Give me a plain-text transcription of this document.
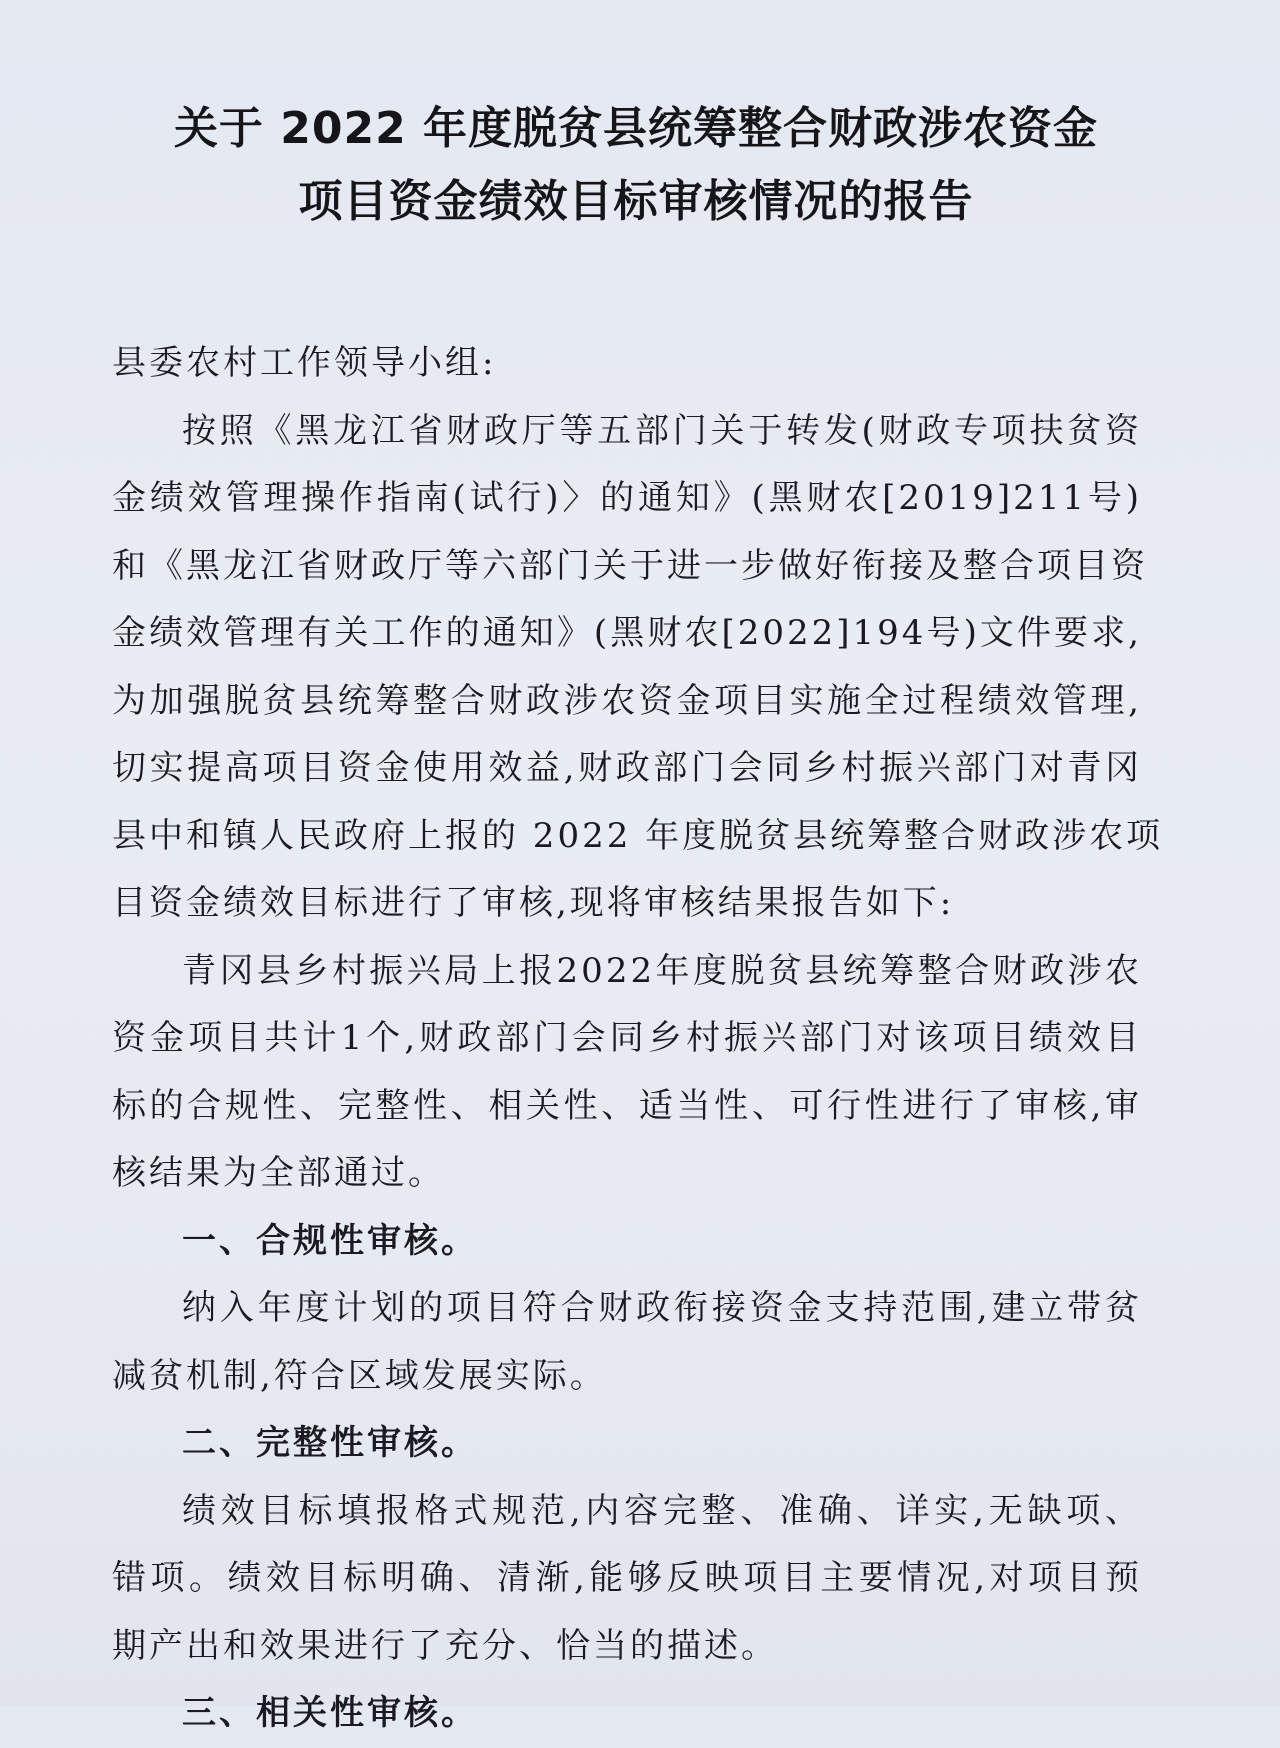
关于 2022 年度脱贫县统筹整合财政涉农资金
项目资金绩效目标审核情况的报告
县委农村工作领导小组:
按照《黑龙江省财政厅等五部门关于转发(财政专项扶贫资
金绩效管理操作指南(试行)〉的通知》(黑财农[2019]211号)
和《黑龙江省财政厅等六部门关于进一步做好衔接及整合项目资
金绩效管理有关工作的通知》(黑财农[2022]194号)文件要求,
为加强脱贫县统筹整合财政涉农资金项目实施全过程绩效管理,
切实提高项目资金使用效益,财政部门会同乡村振兴部门对青冈
县中和镇人民政府上报的 2022 年度脱贫县统筹整合财政涉农项
目资金绩效目标进行了审核,现将审核结果报告如下:
青冈县乡村振兴局上报2022年度脱贫县统筹整合财政涉农
资金项目共计1个,财政部门会同乡村振兴部门对该项目绩效目
标的合规性、完整性、相关性、适当性、可行性进行了审核,审
核结果为全部通过。
一、合规性审核。
纳入年度计划的项目符合财政衔接资金支持范围,建立带贫
减贫机制,符合区域发展实际。
二、完整性审核。
绩效目标填报格式规范,内容完整、准确、详实,无缺项、
错项。绩效目标明确、清渐,能够反映项目主要情况,对项目预
期产出和效果进行了充分、恰当的描述。
三、相关性审核。
